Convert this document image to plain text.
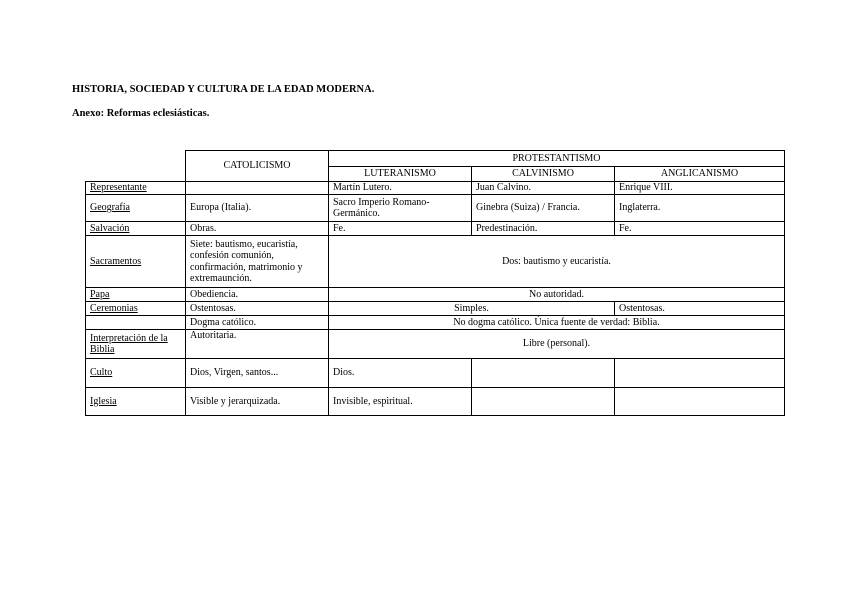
HISTORIA, SOCIEDAD Y CULTURA DE LA EDAD MODERNA.
Anexo: Reformas eclesiásticas.
	CATOLICISMO	PROTESTANTISMO		
		LUTERANISMO	CALVINISMO	ANGLICANISMO
Representante		Martín Lutero.	Juan Calvino.	Enrique VIII.
Geografía	Europa (Italia).	Sacro Imperio Romano-Germánico.	Ginebra (Suiza) / Francia.	Inglaterra.
Salvación	Obras.	Fe.	Predestinación.	Fe.
Sacramentos	Siete: bautismo, eucaristía, confesión comunión, confirmación, matrimonio y extremaunción.	Dos: bautismo y eucaristía.		
Papa	Obediencia.	No autoridad.		
Ceremonias	Ostentosas.	Simples.		Ostentosas.
	Dogma católico.	No dogma católico. Única fuente de verdad: Biblia.		
Interpretación de la Biblia	Autoritaria.	Libre (personal).		
Culto	Dios, Virgen, santos...	Dios.		
Iglesia	Visible y jerarquizada.	Invisible, espiritual.		
